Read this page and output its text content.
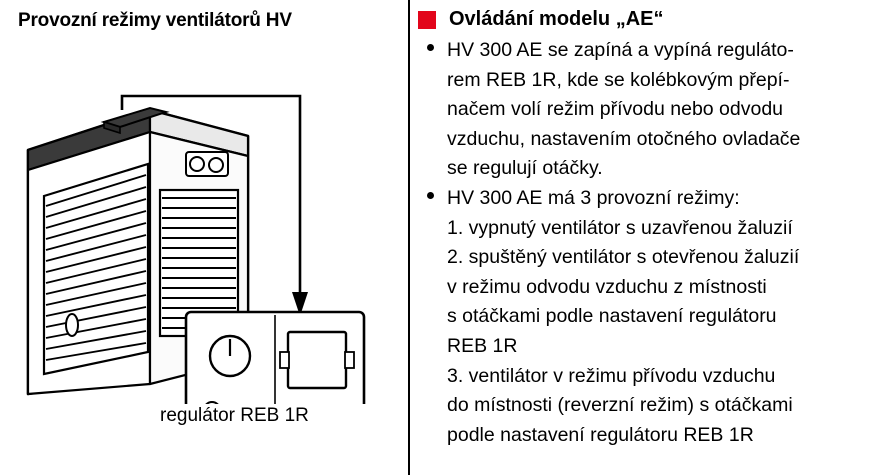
Provozní režimy ventilátorů HV
regulátor REB 1R
Ovládání modelu „AE“
HV 300 AE se zapíná a vypíná reguláto-
rem REB 1R, kde se kolébkovým přepí-
načem volí režim přívodu nebo odvodu
vzduchu, nastavením otočného ovladače
se regulují otáčky.
HV 300 AE má 3 provozní režimy:
1. vypnutý ventilátor s uzavřenou žaluzií
2. spuštěný ventilátor s otevřenou žaluzií
v režimu odvodu vzduchu z místnosti
s otáčkami podle nastavení regulátoru
REB 1R
3. ventilátor v režimu přívodu vzduchu
do místnosti (reverzní režim) s otáčkami
podle nastavení regulátoru REB 1R
